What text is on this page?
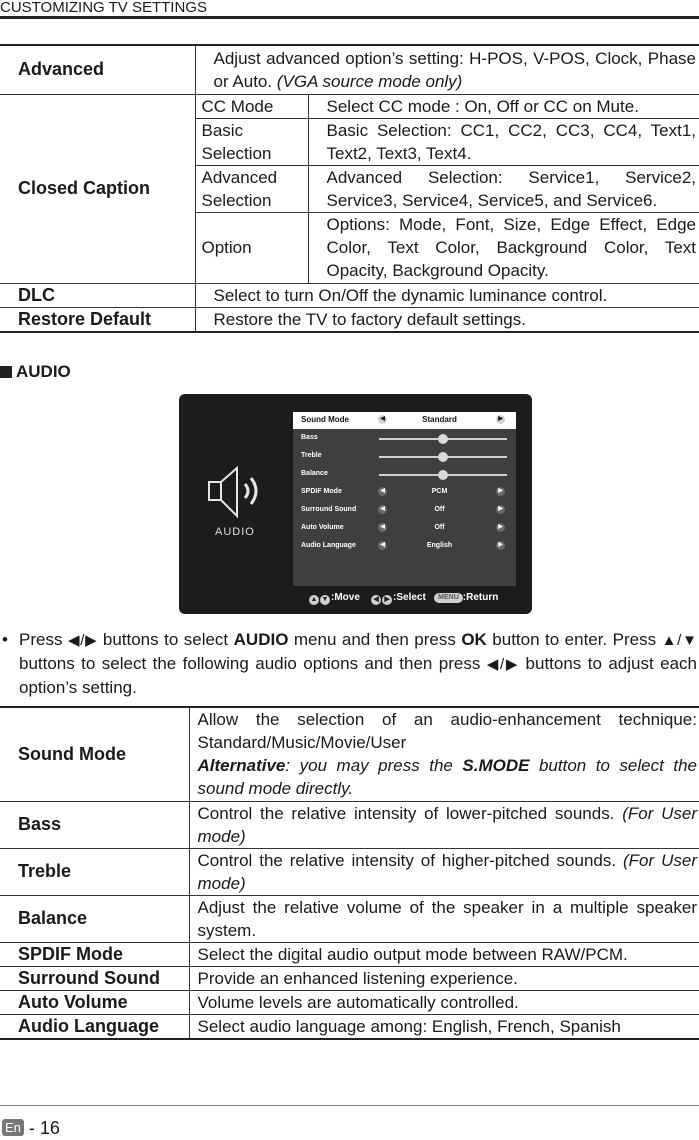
CUSTOMIZING TV SETTINGS
Advanced	Adjust advanced option’s setting: H-POS, V-POS, Clock, Phase or Auto. (VGA source mode only)	
Closed Caption	CC Mode	Select CC mode : On, Off or CC on Mute.
	Basic Selection	Basic Selection: CC1, CC2, CC3, CC4, Text1, Text2, Text3, Text4.
	Advanced Selection	Advanced Selection: Service1, Service2, Service3, Service4, Service5, and Service6.
	Option	Options: Mode, Font, Size, Edge Effect, Edge Color, Text Color, Background Color, Text Opacity, Background Opacity.
DLC	Select to turn On/Off the dynamic luminance control.	
Restore Default	Restore the TV to factory default settings.	
AUDIO
AUDIO
Sound Mode	◀	Standard	▶
Bass
Treble
Balance
SPDIF Mode	◀	PCM	▶
Surround Sound	◀	Off	▶
Auto Volume	◀	Off	▶
Audio Language	◀	English	▶
▲ ▼ :Move ◀ ▶ :Select MENU :Return
• Press ◀/▶ buttons to select AUDIO menu and then press OK button to enter. Press ▲/▼ buttons to select the following audio options and then press ◀/▶ buttons to adjust each option’s setting.
Sound Mode	Allow the selection of an audio-enhancement technique: Standard/Music/Movie/User
Alternative: you may press the S.MODE button to select the sound mode directly.
Bass	Control the relative intensity of lower-pitched sounds. (For User mode)
Treble	Control the relative intensity of higher-pitched sounds. (For User mode)
Balance	Adjust the relative volume of the speaker in a multiple speaker system.
SPDIF Mode	Select the digital audio output mode between RAW/PCM.
Surround Sound	Provide an enhanced listening experience.
Auto Volume	Volume levels are automatically controlled.
Audio Language	Select audio language among: English, French, Spanish
En - 16
